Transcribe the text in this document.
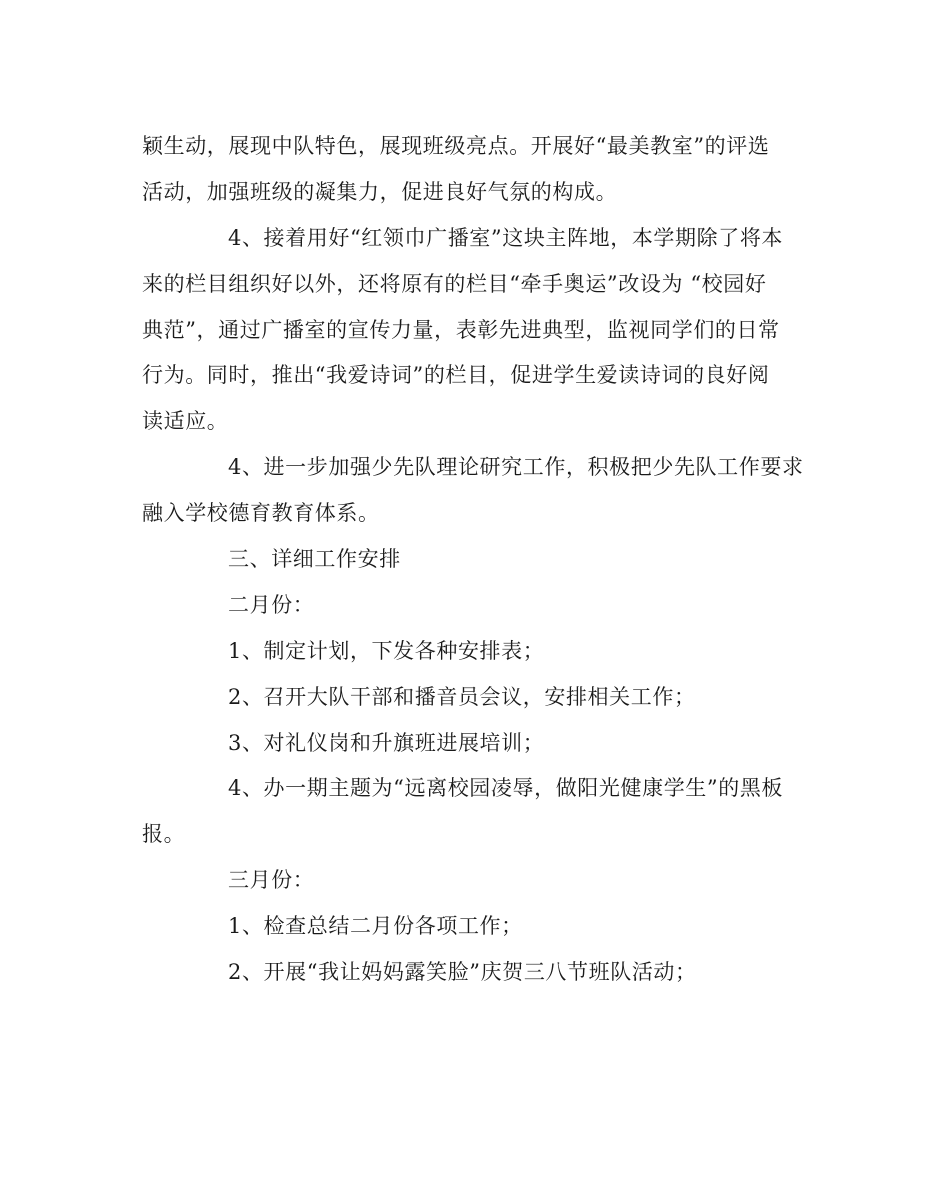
颖生动，展现中队特色，展现班级亮点。开展好“最美教室”的评选
活动，加强班级的凝集力，促进良好气氛的构成。
4、接着用好“红领巾广播室”这块主阵地，本学期除了将本
来的栏目组织好以外，还将原有的栏目“牵手奥运”改设为 “校园好
典范”，通过广播室的宣传力量，表彰先进典型，监视同学们的日常
行为。同时，推出“我爱诗词”的栏目，促进学生爱读诗词的良好阅
读适应。
4、进一步加强少先队理论研究工作，积极把少先队工作要求
融入学校德育教育体系。
三、详细工作安排
二月份：
1、制定计划，下发各种安排表；
2、召开大队干部和播音员会议，安排相关工作；
3、对礼仪岗和升旗班进展培训；
4、办一期主题为“远离校园凌辱，做阳光健康学生”的黑板
报。
三月份：
1、检查总结二月份各项工作；
2、开展“我让妈妈露笑脸”庆贺三八节班队活动；
